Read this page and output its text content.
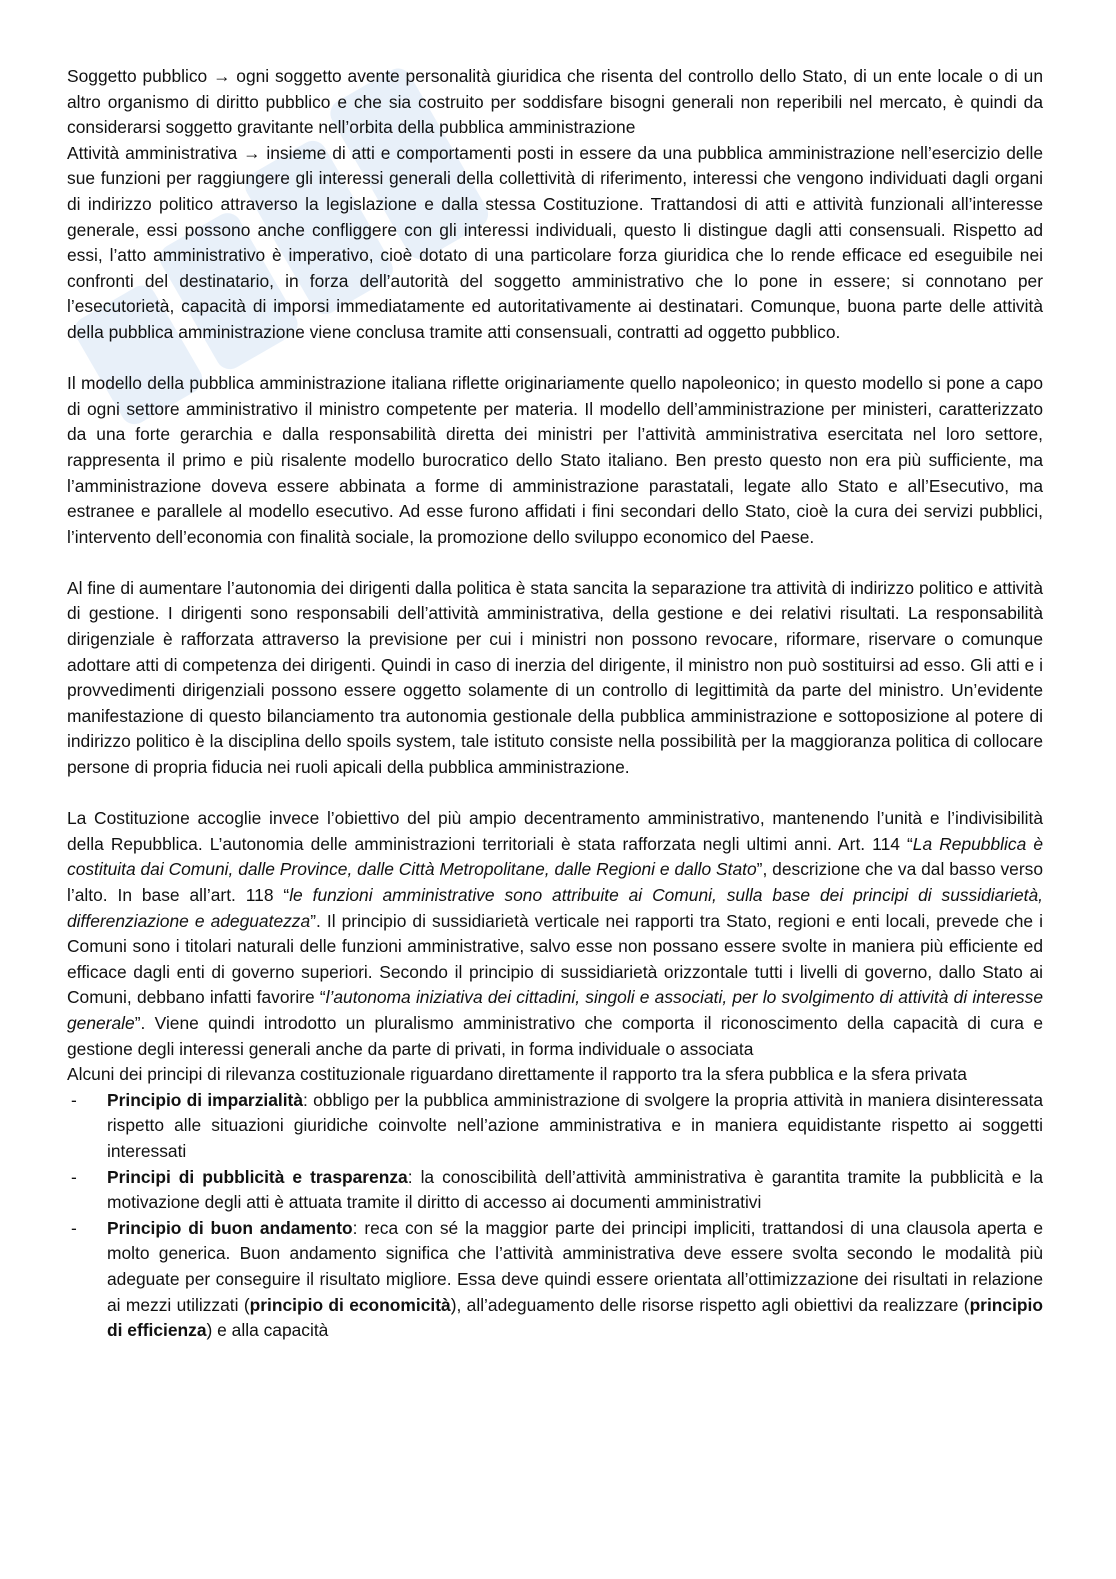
Soggetto pubblico → ogni soggetto avente personalità giuridica che risenta del controllo dello Stato, di un ente locale o di un altro organismo di diritto pubblico e che sia costruito per soddisfare bisogni generali non reperibili nel mercato, è quindi da considerarsi soggetto gravitante nell’orbita della pubblica amministrazione
Attività amministrativa → insieme di atti e comportamenti posti in essere da una pubblica amministrazione nell’esercizio delle sue funzioni per raggiungere gli interessi generali della collettività di riferimento, interessi che vengono individuati dagli organi di indirizzo politico attraverso la legislazione e dalla stessa Costituzione. Trattandosi di atti e attività funzionali all’interesse generale, essi possono anche confliggere con gli interessi individuali, questo li distingue dagli atti consensuali. Rispetto ad essi, l’atto amministrativo è imperativo, cioè dotato di una particolare forza giuridica che lo rende efficace ed eseguibile nei confronti del destinatario, in forza dell’autorità del soggetto amministrativo che lo pone in essere; si connotano per l’esecutorietà, capacità di imporsi immediatamente ed autoritativamente ai destinatari. Comunque, buona parte delle attività della pubblica amministrazione viene conclusa tramite atti consensuali, contratti ad oggetto pubblico.

Il modello della pubblica amministrazione italiana riflette originariamente quello napoleonico; in questo modello si pone a capo di ogni settore amministrativo il ministro competente per materia. Il modello dell’amministrazione per ministeri, caratterizzato da una forte gerarchia e dalla responsabilità diretta dei ministri per l’attività amministrativa esercitata nel loro settore, rappresenta il primo e più risalente modello burocratico dello Stato italiano. Ben presto questo non era più sufficiente, ma l’amministrazione doveva essere abbinata a forme di amministrazione parastatali, legate allo Stato e all’Esecutivo, ma estranee e parallele al modello esecutivo. Ad esse furono affidati i fini secondari dello Stato, cioè la cura dei servizi pubblici, l’intervento dell’economia con finalità sociale, la promozione dello sviluppo economico del Paese.

Al fine di aumentare l’autonomia dei dirigenti dalla politica è stata sancita la separazione tra attività di indirizzo politico e attività di gestione. I dirigenti sono responsabili dell’attività amministrativa, della gestione e dei relativi risultati. La responsabilità dirigenziale è rafforzata attraverso la previsione per cui i ministri non possono revocare, riformare, riservare o comunque adottare atti di competenza dei dirigenti. Quindi in caso di inerzia del dirigente, il ministro non può sostituirsi ad esso. Gli atti e i provvedimenti dirigenziali possono essere oggetto solamente di un controllo di legittimità da parte del ministro. Un’evidente manifestazione di questo bilanciamento tra autonomia gestionale della pubblica amministrazione e sottoposizione al potere di indirizzo politico è la disciplina dello spoils system, tale istituto consiste nella possibilità per la maggioranza politica di collocare persone di propria fiducia nei ruoli apicali della pubblica amministrazione.

La Costituzione accoglie invece l’obiettivo del più ampio decentramento amministrativo, mantenendo l’unità e l’indivisibilità della Repubblica. L’autonomia delle amministrazioni territoriali è stata rafforzata negli ultimi anni. Art. 114 “La Repubblica è costituita dai Comuni, dalle Province, dalle Città Metropolitane, dalle Regioni e dallo Stato”, descrizione che va dal basso verso l’alto. In base all’art. 118 “le funzioni amministrative sono attribuite ai Comuni, sulla base dei principi di sussidiarietà, differenziazione e adeguatezza”. Il principio di sussidiarietà verticale nei rapporti tra Stato, regioni e enti locali, prevede che i Comuni sono i titolari naturali delle funzioni amministrative, salvo esse non possano essere svolte in maniera più efficiente ed efficace dagli enti di governo superiori. Secondo il principio di sussidiarietà orizzontale tutti i livelli di governo, dallo Stato ai Comuni, debbano infatti favorire “l’autonoma iniziativa dei cittadini, singoli e associati, per lo svolgimento di attività di interesse generale”. Viene quindi introdotto un pluralismo amministrativo che comporta il riconoscimento della capacità di cura e gestione degli interessi generali anche da parte di privati, in forma individuale o associata

Alcuni dei principi di rilevanza costituzionale riguardano direttamente il rapporto tra la sfera pubblica e la sfera privata

- Principio di imparzialità: obbligo per la pubblica amministrazione di svolgere la propria attività in maniera disinteressata rispetto alle situazioni giuridiche coinvolte nell’azione amministrativa e in maniera equidistante rispetto ai soggetti interessati
- Principi di pubblicità e trasparenza: la conoscibilità dell’attività amministrativa è garantita tramite la pubblicità e la motivazione degli atti è attuata tramite il diritto di accesso ai documenti amministrativi
- Principio di buon andamento: reca con sé la maggior parte dei principi impliciti, trattandosi di una clausola aperta e molto generica. Buon andamento significa che l’attività amministrativa deve essere svolta secondo le modalità più adeguate per conseguire il risultato migliore. Essa deve quindi essere orientata all’ottimizzazione dei risultati in relazione ai mezzi utilizzati (principio di economicità), all’adeguamento delle risorse rispetto agli obiettivi da realizzare (principio di efficienza) e alla capacità
